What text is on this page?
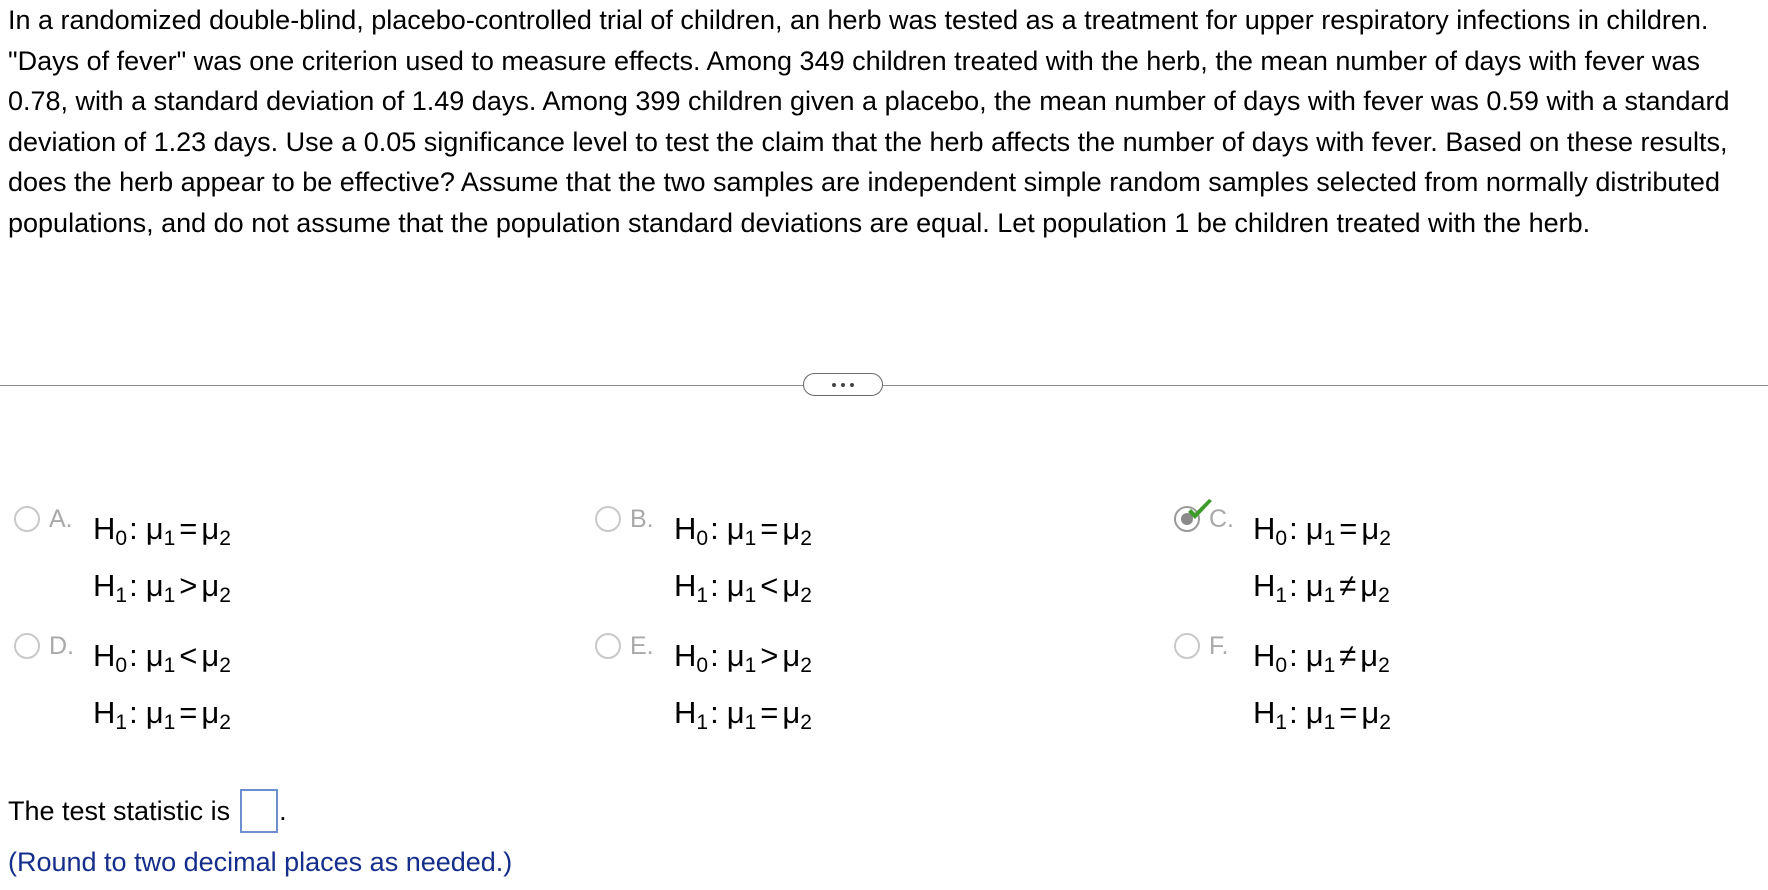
In a randomized double-blind, placebo-controlled trial of children, an herb was tested as a treatment for upper respiratory infections in children. "Days of fever" was one criterion used to measure effects. Among 349 children treated with the herb, the mean number of days with fever was 0.78, with a standard deviation of 1.49 days. Among 399 children given a placebo, the mean number of days with fever was 0.59 with a standard deviation of 1.23 days. Use a 0.05 significance level to test the claim that the herb affects the number of days with fever. Based on these results, does the herb appear to be effective? Assume that the two samples are independent simple random samples selected from normally distributed populations, and do not assume that the population standard deviations are equal. Let population 1 be children treated with the herb.
A. $H_0$: $\mu_1 = \mu_2$
$H_1$: $\mu_1 > \mu_2$
B. $H_0$: $\mu_1 = \mu_2$
$H_1$: $\mu_1 < \mu_2$
C. $H_0$: $\mu_1 = \mu_2$
$H_1$: $\mu_1 \ne \mu_2$
D. $H_0$: $\mu_1 < \mu_2$
$H_1$: $\mu_1 = \mu_2$
E. $H_0$: $\mu_1 > \mu_2$
$H_1$: $\mu_1 = \mu_2$
F. $H_0$: $\mu_1 \ne \mu_2$
$H_1$: $\mu_1 = \mu_2$
The test statistic is .
(Round to two decimal places as needed.)
